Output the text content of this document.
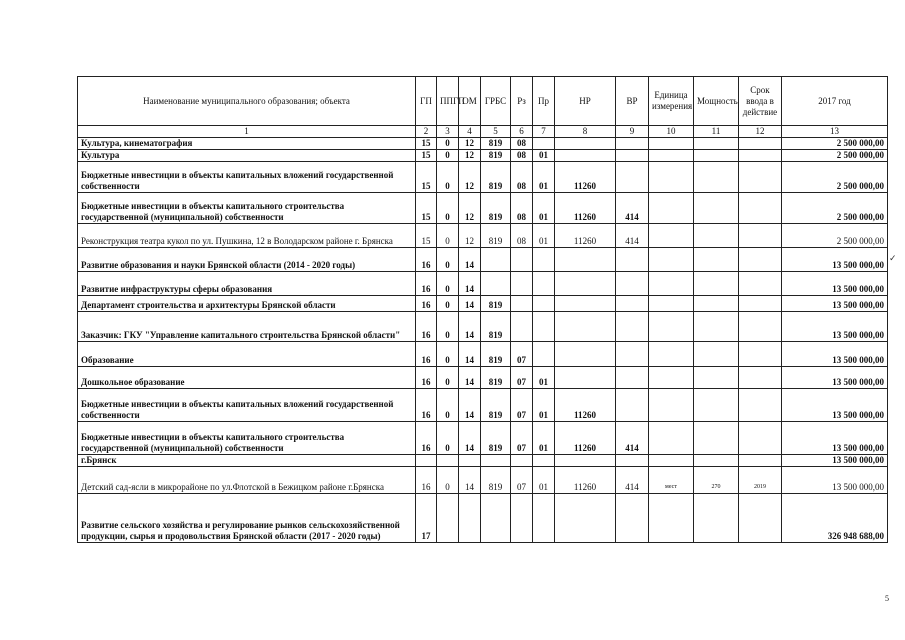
Наименование муниципального образования; объекта	ГП	ППГП	ОМ	ГРБС	Рз	Пр	НР	ВР	Единица измерения	Мощность	Срок ввода в действие	2017 год
1	2	3	4	5	6	7	8	9	10	11	12	13
Культура, кинематография	15	0	12	819	08							2 500 000,00
Культура	15	0	12	819	08	01						2 500 000,00
Бюджетные инвестиции в объекты капитальных вложений государственной собственности	15	0	12	819	08	01	11260					2 500 000,00
Бюджетные инвестиции в объекты капитального строительства государственной (муниципальной) собственности	15	0	12	819	08	01	11260	414				2 500 000,00
Реконструкция театра кукол по ул. Пушкина, 12 в Володарском районе г. Брянска	15	0	12	819	08	01	11260	414				2 500 000,00
Развитие образования и науки Брянской области (2014 - 2020 годы)	16	0	14									13 500 000,00
Развитие инфраструктуры сферы образования	16	0	14									13 500 000,00
Департамент строительства и архитектуры Брянской области	16	0	14	819								13 500 000,00
Заказчик: ГКУ "Управление капитального строительства Брянской области"	16	0	14	819								13 500 000,00
Образование	16	0	14	819	07							13 500 000,00
Дошкольное образование	16	0	14	819	07	01						13 500 000,00
Бюджетные инвестиции в объекты капитальных вложений государственной собственности	16	0	14	819	07	01	11260					13 500 000,00
Бюджетные инвестиции в объекты капитального строительства государственной (муниципальной) собственности	16	0	14	819	07	01	11260	414				13 500 000,00
г.Брянск												13 500 000,00
Детский сад-ясли в микрорайоне по ул.Флотской в Бежицком районе г.Брянска	16	0	14	819	07	01	11260	414	мест	270	2019	13 500 000,00
Развитие сельского хозяйства и регулирование рынков сельскохозяйственной продукции, сырья и продовольствия Брянской области (2017 - 2020 годы)	17											326 948 688,00
✓
5
